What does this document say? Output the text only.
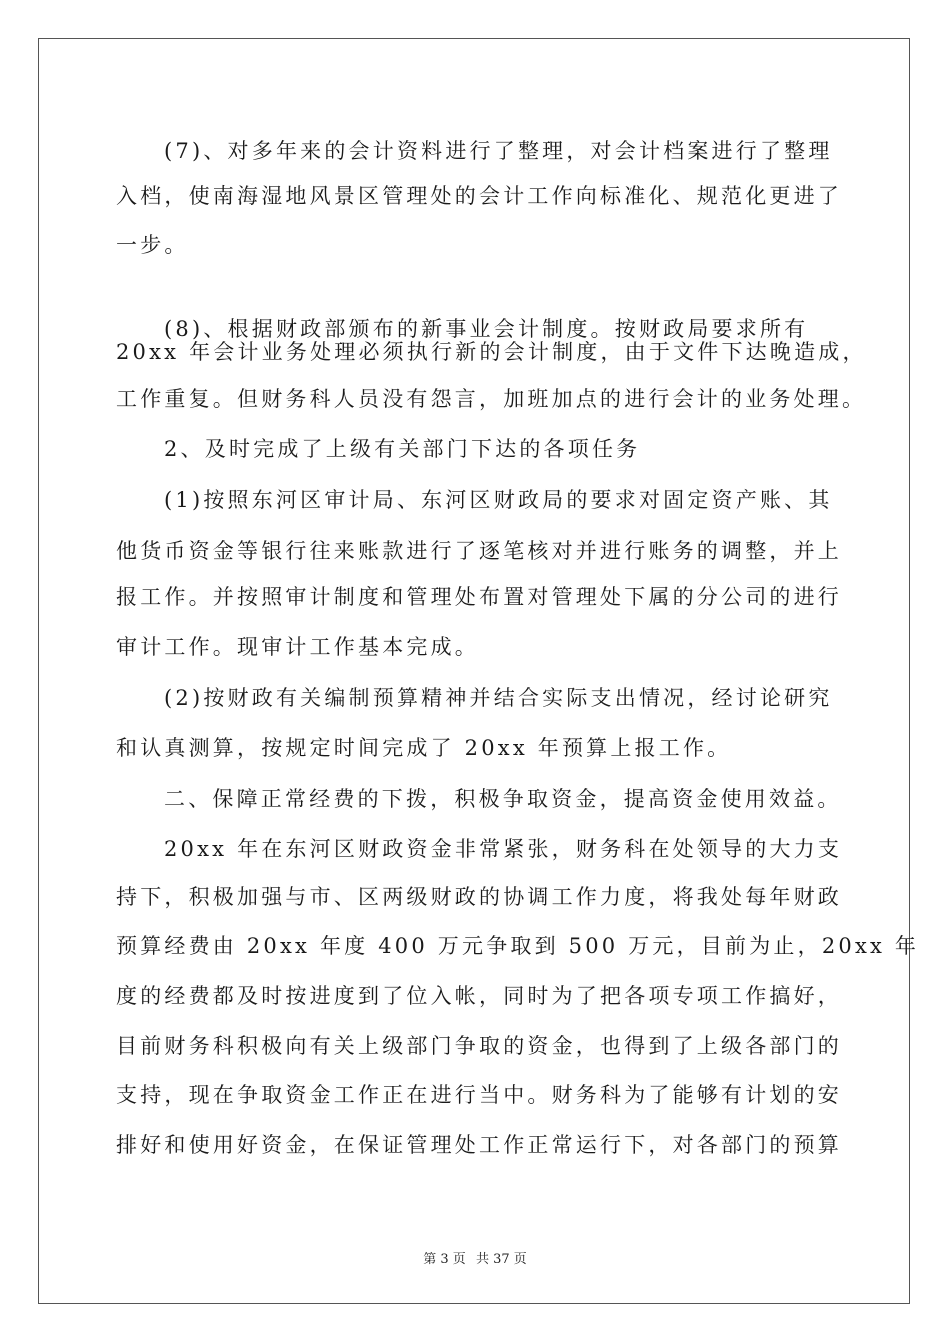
(7)、对多年来的会计资料进行了整理，对会计档案进行了整理
入档，使南海湿地风景区管理处的会计工作向标准化、规范化更进了
一步。
(8)、根据财政部颁布的新事业会计制度。按财政局要求所有
20xx 年会计业务处理必须执行新的会计制度，由于文件下达晚造成，
工作重复。但财务科人员没有怨言，加班加点的进行会计的业务处理。
2、及时完成了上级有关部门下达的各项任务
(1)按照东河区审计局、东河区财政局的要求对固定资产账、其
他货币资金等银行往来账款进行了逐笔核对并进行账务的调整，并上
报工作。并按照审计制度和管理处布置对管理处下属的分公司的进行
审计工作。现审计工作基本完成。
(2)按财政有关编制预算精神并结合实际支出情况，经讨论研究
和认真测算，按规定时间完成了 20xx 年预算上报工作。
二、保障正常经费的下拨，积极争取资金，提高资金使用效益。
20xx 年在东河区财政资金非常紧张，财务科在处领导的大力支
持下，积极加强与市、区两级财政的协调工作力度，将我处每年财政
预算经费由 20xx 年度 400 万元争取到 500 万元，目前为止，20xx 年
度的经费都及时按进度到了位入帐，同时为了把各项专项工作搞好，
目前财务科积极向有关上级部门争取的资金，也得到了上级各部门的
支持，现在争取资金工作正在进行当中。财务科为了能够有计划的安
排好和使用好资金，在保证管理处工作正常运行下，对各部门的预算
第 3 页 共 37 页
